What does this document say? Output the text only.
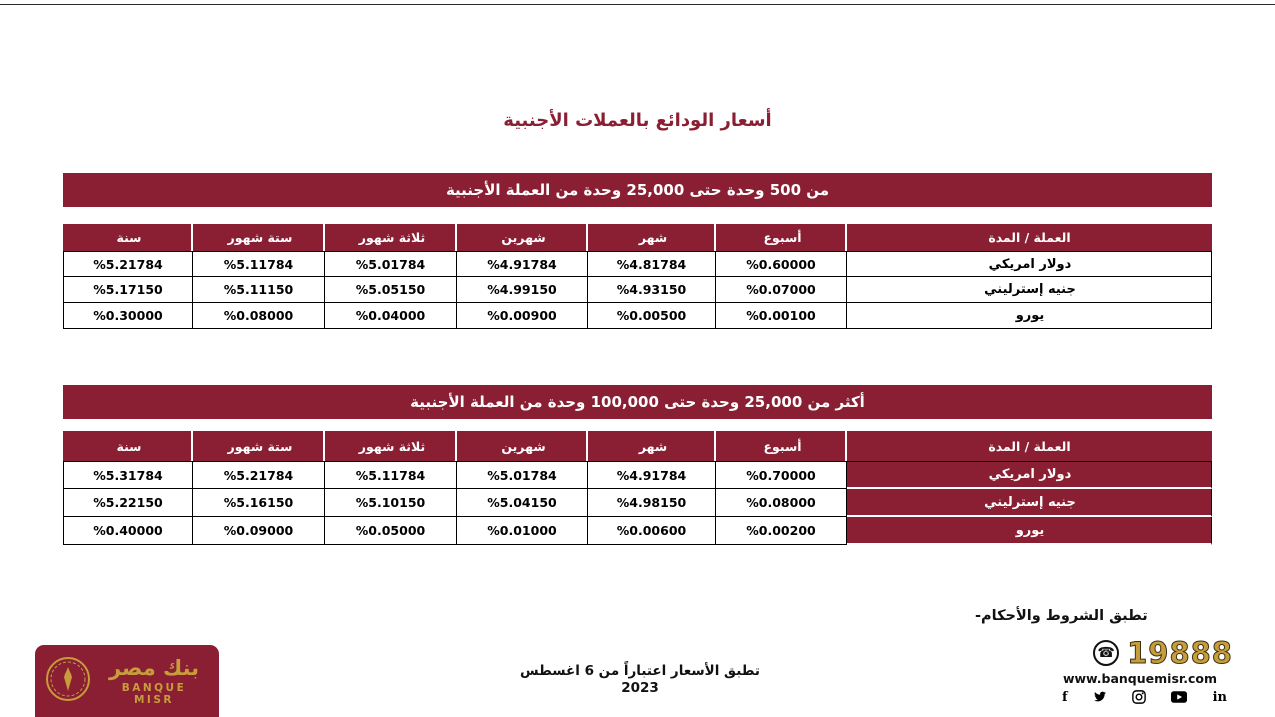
أسعار الودائع بالعملات الأجنبية
من 500 وحدة حتى 25,000 وحدة من العملة الأجنبية
سنة	ستة شهور	ثلاثة شهور	شهرين	شهر	أسبوع	العملة / المدة
%5.21784	%5.11784	%5.01784	%4.91784	%4.81784	%0.60000	دولار امريكي
%5.17150	%5.11150	%5.05150	%4.99150	%4.93150	%0.07000	جنيه إسترليني
%0.30000	%0.08000	%0.04000	%0.00900	%0.00500	%0.00100	يورو
أكثر من 25,000 وحدة حتى 100,000 وحدة من العملة الأجنبية
سنة	ستة شهور	ثلاثة شهور	شهرين	شهر	أسبوع	العملة / المدة
%5.31784	%5.21784	%5.11784	%5.01784	%4.91784	%0.70000	دولار امريكي
%5.22150	%5.16150	%5.10150	%5.04150	%4.98150	%0.08000	جنيه إسترليني
%0.40000	%0.09000	%0.05000	%0.01000	%0.00600	%0.00200	يورو
تطبق الأسعار اعتباراً من 6 اغسطس
2023
تطبق الشروط والأحكام-
☎ 19888
www.banquemisr.com
f	in
بنك مصر
BANQUE MISR
